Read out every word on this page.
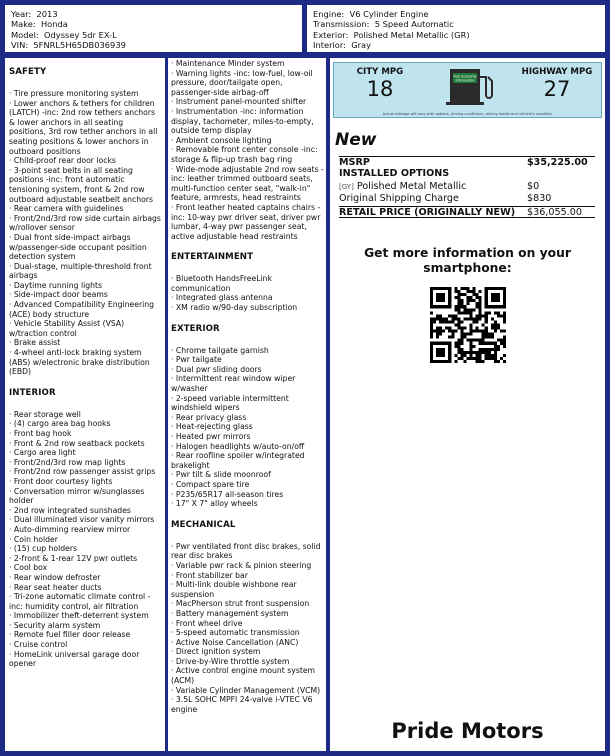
Year: 2013
Make: Honda
Model: Odyssey 5dr EX-L
VIN: 5FNRL5H65DB036939
Engine: V6 Cylinder Engine
Transmission: 5 Speed Automatic
Exterior: Polished Metal Metallic (GR)
Interior: Gray
SAFETY
· Tire pressure monitoring system
· Lower anchors & tethers for children (LATCH) -inc: 2nd row tethers anchors & lower anchors in all seating positions, 3rd row tether anchors in all seating positions & lower anchors in outboard positions
· Child-proof rear door locks
· 3-point seat belts in all seating positions -inc: front automatic tensioning system, front & 2nd row outboard adjustable seatbelt anchors
· Rear camera with guidelines
· Front/2nd/3rd row side curtain airbags w/rollover sensor
· Dual front side-impact airbags w/passenger-side occupant position detection system
· Dual-stage, multiple-threshold front airbags
· Daytime running lights
· Side-impact door beams
· Advanced Compatibility Engineering (ACE) body structure
· Vehicle Stability Assist (VSA) w/traction control
· Brake assist
· 4-wheel anti-lock braking system (ABS) w/electronic brake distribution (EBD)
INTERIOR
· Rear storage well
· (4) cargo area bag hooks
· Front bag hook
· Front & 2nd row seatback pockets
· Cargo area light
· Front/2nd/3rd row map lights
· Front/2nd row passenger assist grips
· Front door courtesy lights
· Conversation mirror w/sunglasses holder
· 2nd row integrated sunshades
· Dual illuminated visor vanity mirrors
· Auto-dimming rearview mirror
· Coin holder
· (15) cup holders
· 2-front & 1-rear 12V pwr outlets
· Cool box
· Rear window defroster
· Rear seat heater ducts
· Tri-zone automatic climate control -inc: humidity control, air filtration
· Immobilizer theft-deterrent system
· Security alarm system
· Remote fuel filler door release
· Cruise control
· HomeLink universal garage door opener
· Maintenance Minder system
· Warning lights -inc: low-fuel, low-oil pressure, door/tailgate open, passenger-side airbag-off
· Instrument panel-mounted shifter
· Instrumentation -inc: information display, tachometer, miles-to-empty, outside temp display
· Ambient console lighting
· Removable front center console -inc: storage & flip-up trash bag ring
· Wide-mode adjustable 2nd row seats -inc: leather trimmed outboard seats, multi-function center seat, "walk-in" feature, armrests, head restraints
· Front leather heated captains chairs -inc: 10-way pwr driver seat, driver pwr lumbar, 4-way pwr passenger seat, active adjustable head restraints
ENTERTAINMENT
· Bluetooth HandsFreeLink communication
· Integrated glass antenna
· XM radio w/90-day subscription
EXTERIOR
· Chrome tailgate garnish
· Pwr tailgate
· Dual pwr sliding doors
· Intermittent rear window wiper w/washer
· 2-speed variable intermittent windshield wipers
· Rear privacy glass
· Heat-rejecting glass
· Heated pwr mirrors
· Halogen headlights w/auto-on/off
· Rear roofline spoiler w/integrated brakelight
· Pwr tilt & slide moonroof
· Compact spare tire
· P235/65R17 all-season tires
· 17" X 7" alloy wheels
MECHANICAL
· Pwr ventilated front disc brakes, solid rear disc brakes
· Variable pwr rack & pinion steering
· Front stabilizer bar
· Multi-link double wishbone rear suspension
· MacPherson strut front suspension
· Battery management system
· Front wheel drive
· 5-speed automatic transmission
· Active Noise Cancellation (ANC)
· Direct ignition system
· Drive-by-Wire throttle system
· Active control engine mount system (ACM)
· Variable Cylinder Management (VCM)
· 3.5L SOHC MPFI 24-valve i-VTEC V6 engine
CITY MPG
18
Fuel Economy
Information
HIGHWAY MPG
27
Actual mileage will vary with options, driving conditions, driving habits and vehicle's condition
New
MSRP	$35,225.00
INSTALLED OPTIONS
[GY] Polished Metal Metallic	$0
Original Shipping Charge	$830
RETAIL PRICE (ORIGINALLY NEW)	$36,055.00
Get more information on your smartphone:
Pride Motors
